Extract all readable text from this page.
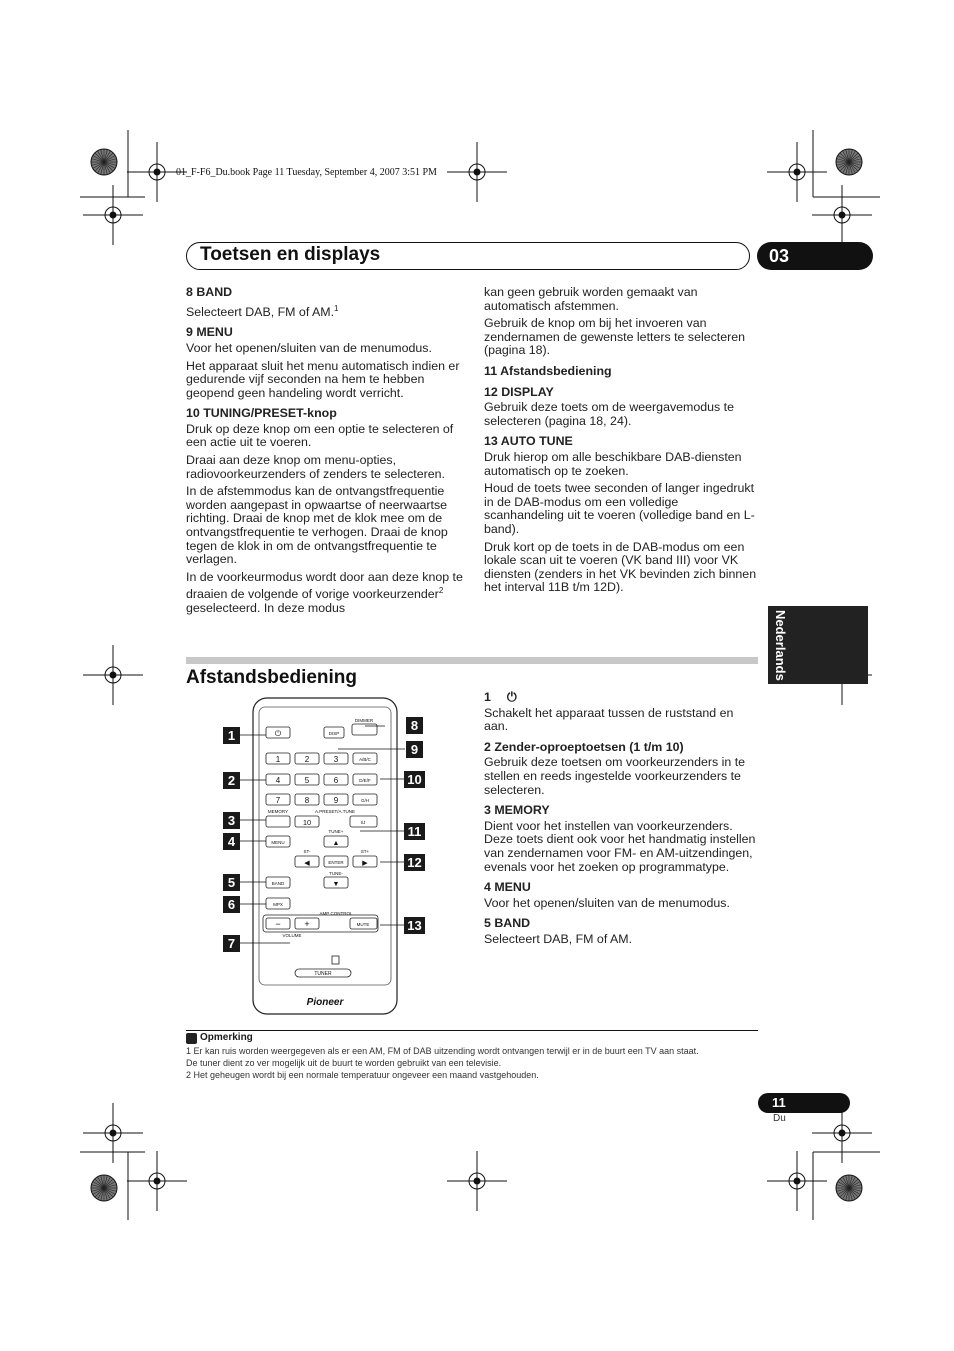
01_F-F6_Du.book Page 11 Tuesday, September 4, 2007 3:51 PM
Toetsen en displays	03
8 BAND

Selecteert DAB, FM of AM.$^1$

9 MENU

Voor het openen/sluiten van de menumodus.

Het apparaat sluit het menu automatisch indien er gedurende vijf seconden na hem te hebben geopend geen handeling wordt verricht.

10 TUNING/PRESET-knop

Druk op deze knop om een optie te selecteren of een actie uit te voeren.

Draai aan deze knop om menu-opties, radiovoorkeurzenders of zenders te selecteren.

In de afstemmodus kan de ontvangstfrequentie worden aangepast in opwaartse of neerwaartse richting. Draai de knop met de klok mee om de ontvangstfrequentie te verhogen. Draai de knop tegen de klok in om de ontvangstfrequentie te verlagen.

In de voorkeurmodus wordt door aan deze knop te draaien de volgende of vorige voorkeurzender$^2$ geselecteerd. In deze modus

kan geen gebruik worden gemaakt van automatisch afstemmen.

Gebruik de knop om bij het invoeren van zendernamen de gewenste letters te selecteren (pagina 18).

11 Afstandsbediening
12 DISPLAY

Gebruik deze toets om de weergavemodus te selecteren (pagina 18, 24).

13 AUTO TUNE

Druk hierop om alle beschikbare DAB-diensten automatisch op te zoeken.

Houd de toets twee seconden of langer ingedrukt in de DAB-modus om een volledige scanhandeling uit te voeren (volledige band en L-band).

Druk kort op de toets in de DAB-modus om een lokale scan uit te voeren (VK band III) voor VK diensten (zenders in het VK bevinden zich binnen het interval 11B t/m 12D).

Nederlands
Afstandsbediening
⏻	DISP
DIMMER
1	2	3	A/B/C
4	5	6	D/E/F
7	8	9	G/H
MEMORY	A.PRESET/A.TUNE
10	I/J
TUNE+
▲
MENU
ST-	ST+
◀	ENTER	▶
TUNE-
▼
BAND
MPX
AMP CONTROL
−	+	MUTE
VOLUME
TUNER
Pioneer
1
2
3
4
5
6
7
8
9
10
11
12
13
1 ⏻

Schakelt het apparaat tussen de ruststand en aan.

2 Zender-oproeptoetsen (1 t/m 10)

Gebruik deze toetsen om voorkeurzenders in te stellen en reeds ingestelde voorkeurzenders te selecteren.

3 MEMORY

Dient voor het instellen van voorkeurzenders. Deze toets dient ook voor het handmatig instellen van zendernamen voor FM- en AM-uitzendingen, evenals voor het zoeken op programmatype.

4 MENU

Voor het openen/sluiten van de menumodus.

5 BAND

Selecteert DAB, FM of AM.

Opmerking
1 Er kan ruis worden weergegeven als er een AM, FM of DAB uitzending wordt ontvangen terwijl er in de buurt een TV aan staat.
De tuner dient zo ver mogelijk uit de buurt te worden gebruikt van een televisie.
2 Het geheugen wordt bij een normale temperatuur ongeveer een maand vastgehouden.
11
Du
